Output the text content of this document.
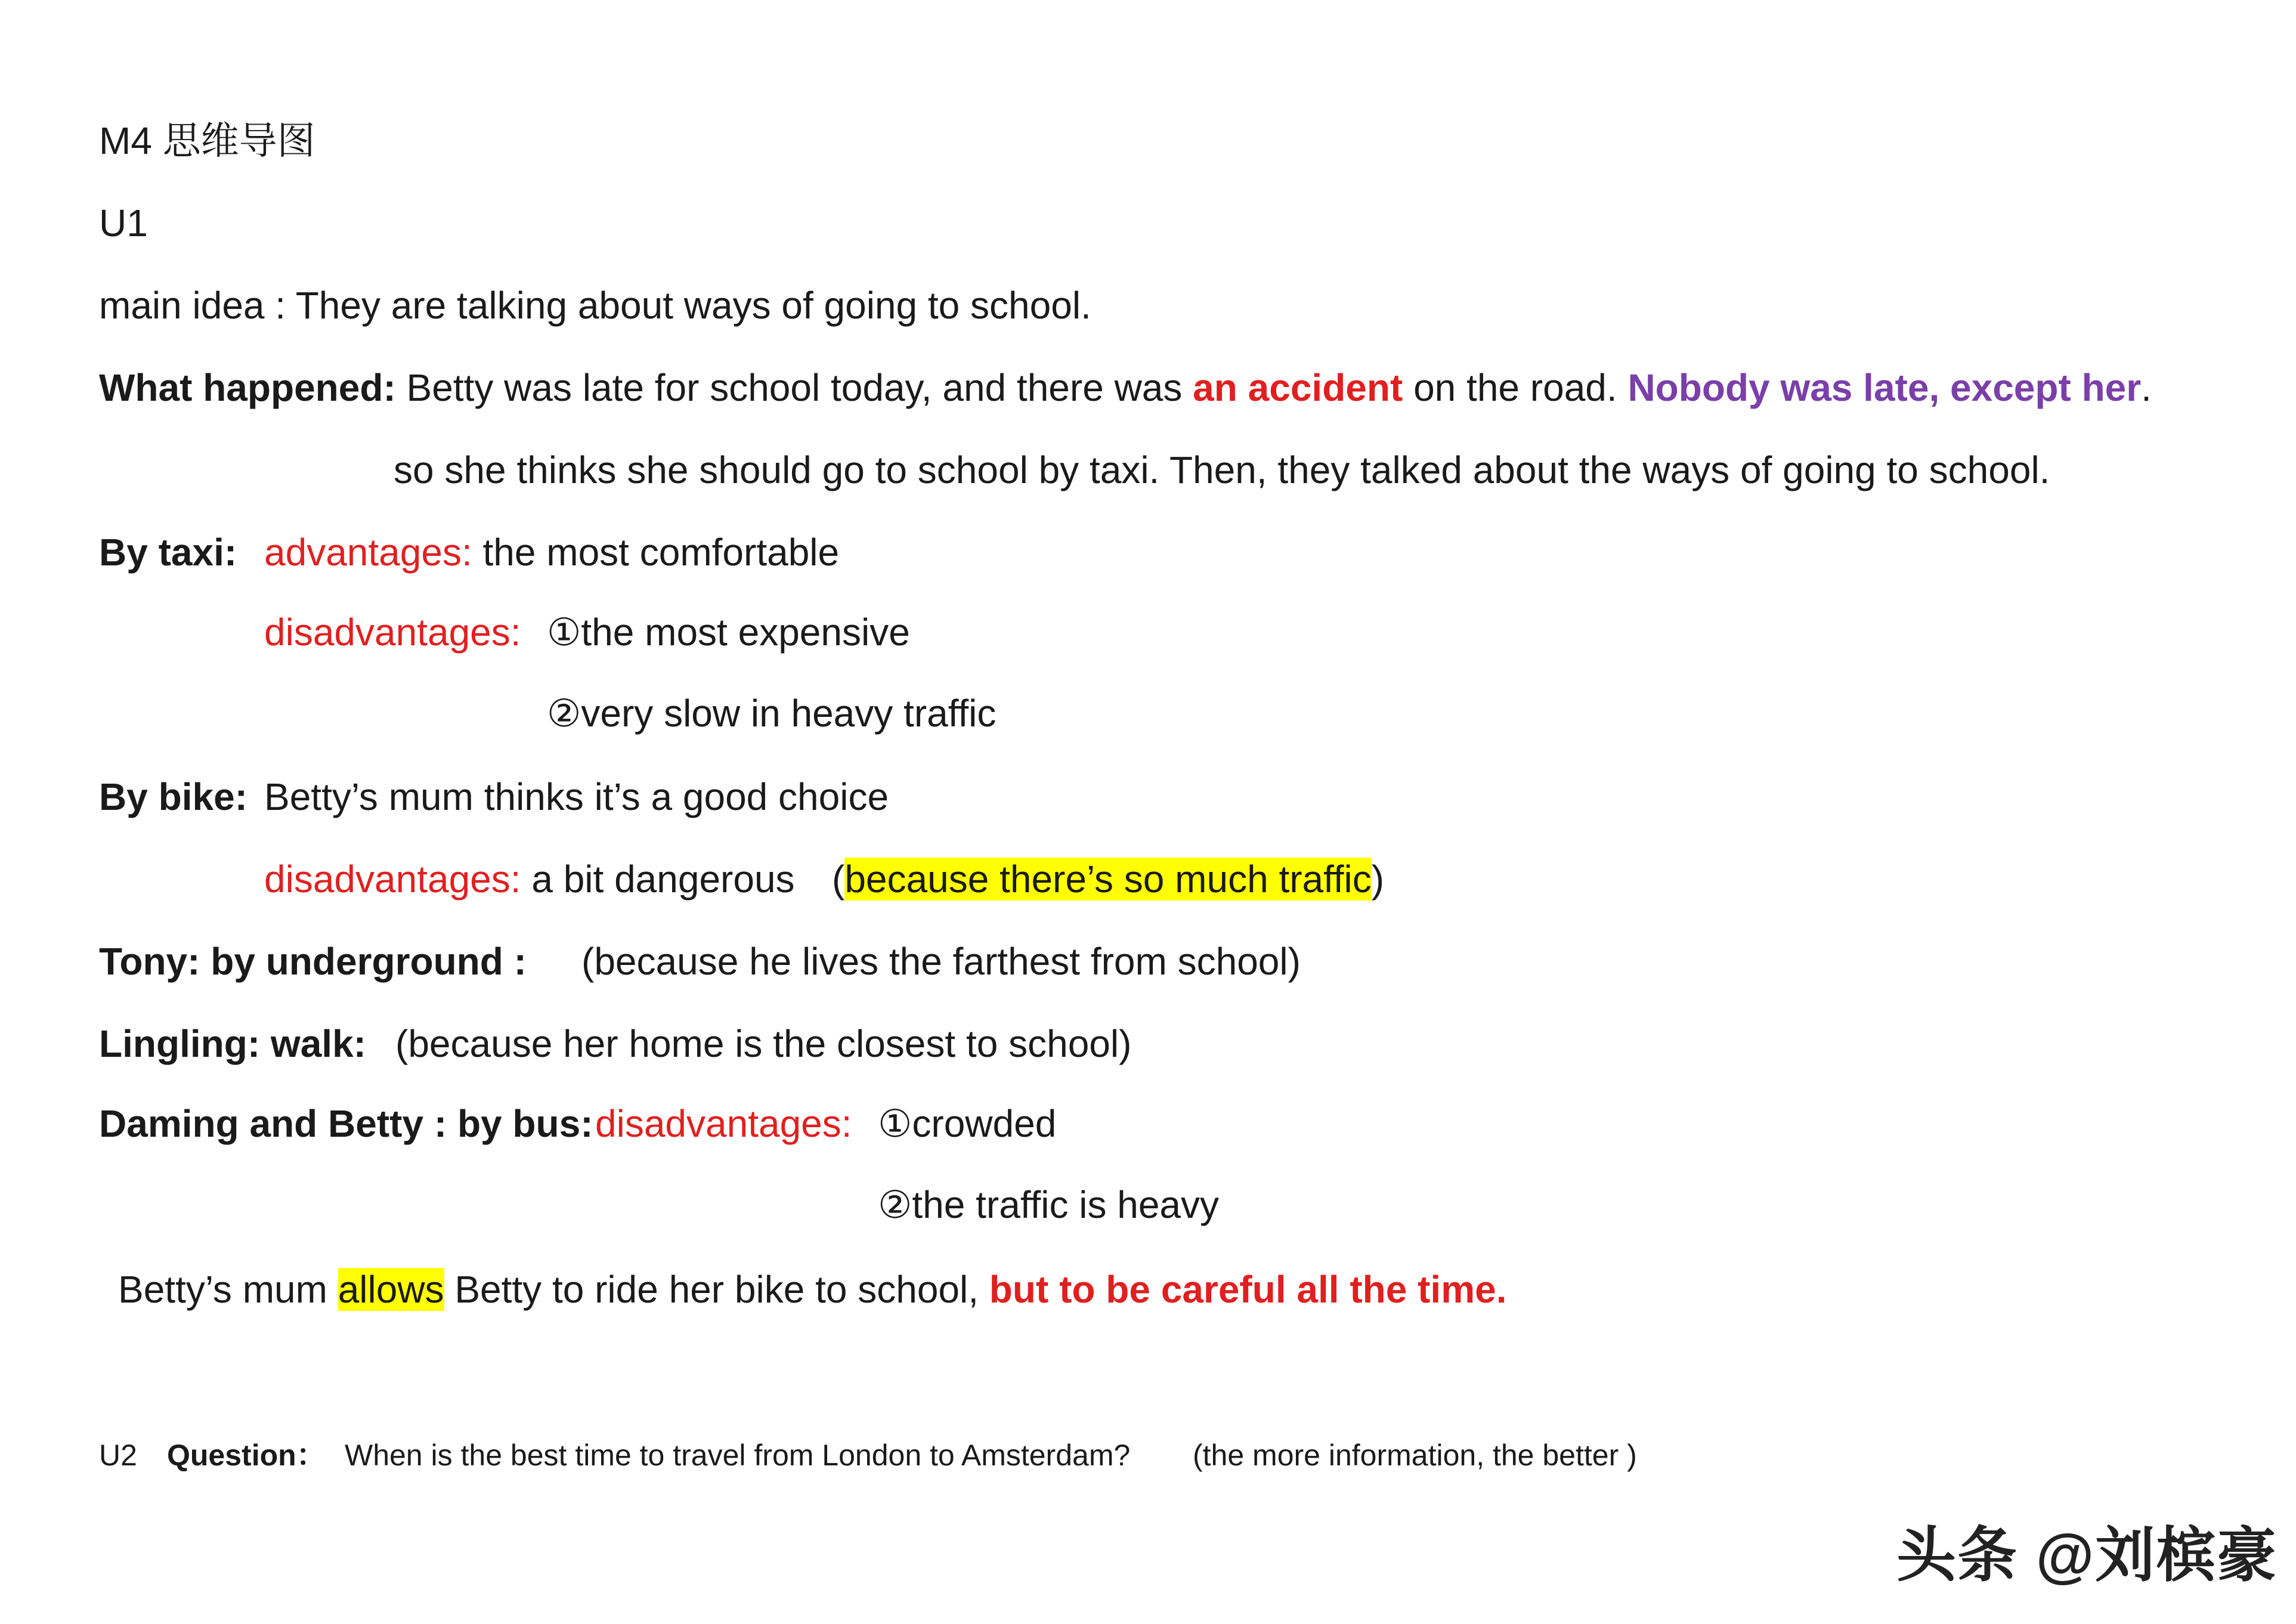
M4 思维导图
U1
main idea : They are talking about ways of going to school.
What happened: Betty was late for school today, and there was an accident on the road. Nobody was late, except her.
so she thinks she should go to school by taxi. Then, they talked about the ways of going to school.
By taxi: advantages: the most comfortable
disadvantages: ①the most expensive
②very slow in heavy traffic
By bike: Betty’s mum thinks it’s a good choice
disadvantages: a bit dangerous (because there’s so much traffic)
Tony: by underground : (because he lives the farthest from school)
Lingling: walk: (because her home is the closest to school)
Daming and Betty : by bus: disadvantages: ①crowded
②the traffic is heavy
Betty’s mum allows Betty to ride her bike to school, but to be careful all the time.
U2 Question： When is the best time to travel from London to Amsterdam? (the more information, the better )
头条 @刘槟豪
